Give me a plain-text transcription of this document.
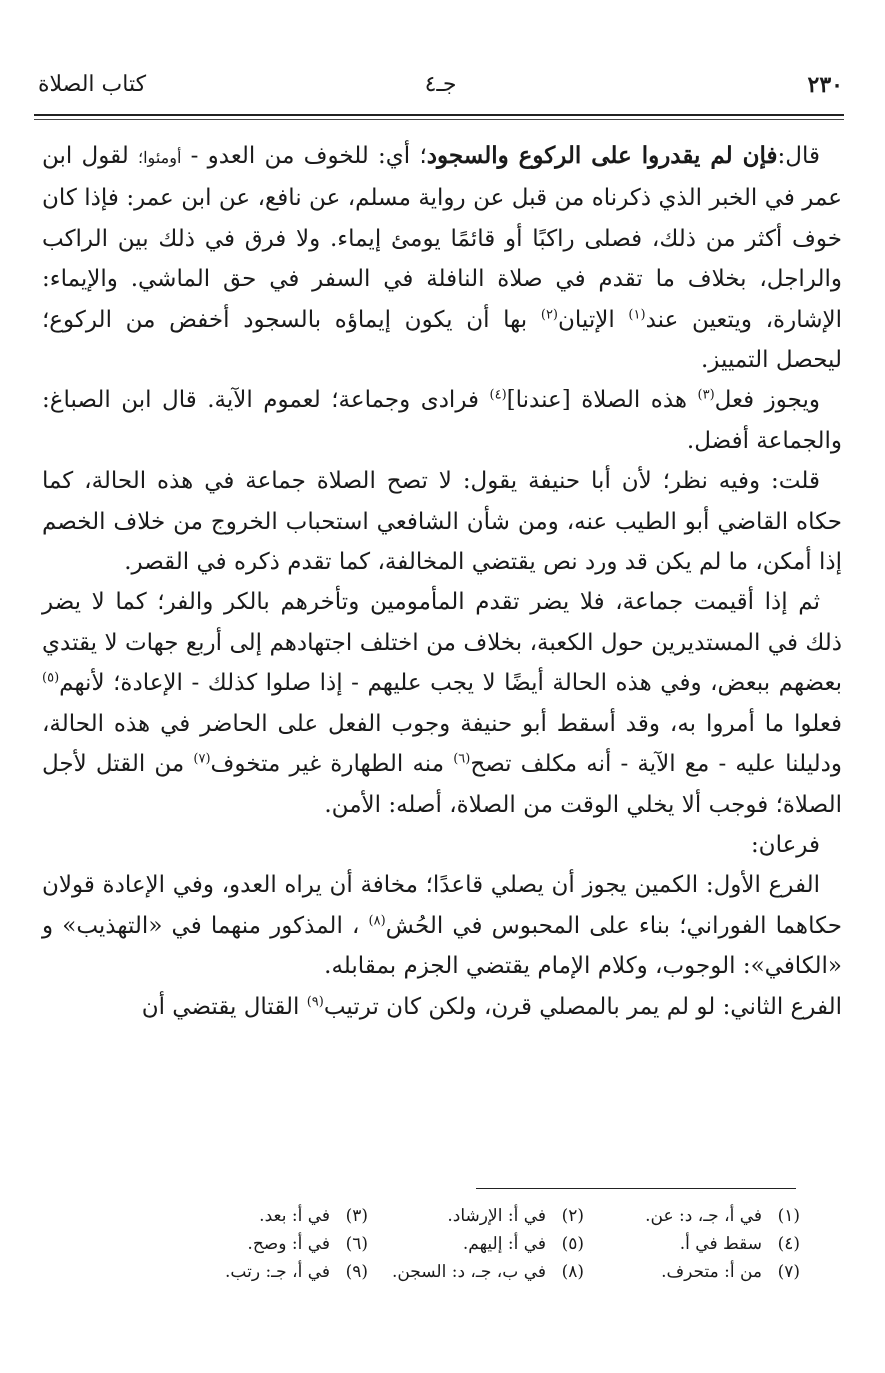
٢٣٠
جـ٤
كتاب الصلاة

قال:فإن لم يقدروا على الركوع والسجود؛ أي: للخوف من العدو - أومئوا؛ لقول ابن عمر في الخبر الذي ذكرناه من قبل عن رواية مسلم، عن نافع، عن ابن عمر: فإذا كان خوف أكثر من ذلك، فصلى راكبًا أو قائمًا يومئ إيماء. ولا فرق في ذلك بين الراكب والراجل، بخلاف ما تقدم في صلاة النافلة في السفر في حق الماشي. والإيماء: الإشارة، ويتعين عند$^{(١)}$ الإتيان$^{(٢)}$ بها أن يكون إيماؤه بالسجود أخفض من الركوع؛ ليحصل التمييز.

ويجوز فعل$^{(٣)}$ هذه الصلاة [عندنا]$^{(٤)}$ فرادى وجماعة؛ لعموم الآية. قال ابن الصباغ: والجماعة أفضل.

قلت: وفيه نظر؛ لأن أبا حنيفة يقول: لا تصح الصلاة جماعة في هذه الحالة، كما حكاه القاضي أبو الطيب عنه، ومن شأن الشافعي استحباب الخروج من خلاف الخصم إذا أمكن، ما لم يكن قد ورد نص يقتضي المخالفة، كما تقدم ذكره في القصر.

ثم إذا أقيمت جماعة، فلا يضر تقدم المأمومين وتأخرهم بالكر والفر؛ كما لا يضر ذلك في المستديرين حول الكعبة، بخلاف من اختلف اجتهادهم إلى أربع جهات لا يقتدي بعضهم ببعض، وفي هذه الحالة أيضًا لا يجب عليهم - إذا صلوا كذلك - الإعادة؛ لأنهم$^{(٥)}$ فعلوا ما أمروا به، وقد أسقط أبو حنيفة وجوب الفعل على الحاضر في هذه الحالة، ودليلنا عليه - مع الآية - أنه مكلف تصح$^{(٦)}$ منه الطهارة غير متخوف$^{(٧)}$ من القتل لأجل الصلاة؛ فوجب ألا يخلي الوقت من الصلاة، أصله: الأمن.

فرعان:

الفرع الأول: الكمين يجوز أن يصلي قاعدًا؛ مخافة أن يراه العدو، وفي الإعادة قولان حكاهما الفوراني؛ بناء على المحبوس في الحُش$^{(٨)}$ ، المذكور منهما في «التهذيب» و «الكافي»: الوجوب، وكلام الإمام يقتضي الجزم بمقابله.

الفرع الثاني: لو لم يمر بالمصلي قرن، ولكن كان ترتيب$^{(٩)}$ القتال يقتضي أن

(١)في أ، جـ، د: عن.
(٢)في أ: الإرشاد.
(٣)في أ: بعد.
(٤)سقط في أ.
(٥)في أ: إليهم.
(٦)في أ: وصح.
(٧)من أ: متحرف.
(٨)في ب، جـ، د: السجن.
(٩)في أ، جـ: رتب.
